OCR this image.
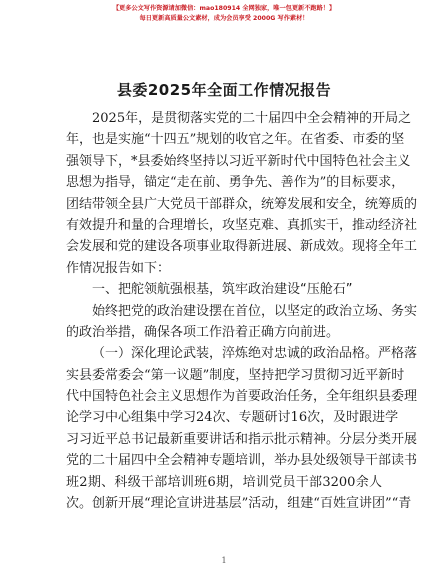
【更多公文写作资源请加微信：mao180914 全网独家，唯一包更新不跑路！】
每日更新高质量公文素材，成为会员享受 2000G 写作素材！
县委2025年全面工作情况报告
2025年，是贯彻落实党的二十届四中全会精神的开局之
年，也是实施“十四五”规划的收官之年。在省委、市委的坚
强领导下，*县委始终坚持以习近平新时代中国特色社会主义
思想为指导，锚定“走在前、勇争先、善作为”的目标要求，
团结带领全县广大党员干部群众，统筹发展和安全，统筹质的
有效提升和量的合理增长，攻坚克难、真抓实干，推动经济社
会发展和党的建设各项事业取得新进展、新成效。现将全年工
作情况报告如下：
一、把舵领航强根基，筑牢政治建设“压舱石”
始终把党的政治建设摆在首位，以坚定的政治立场、务实
的政治举措，确保各项工作沿着正确方向前进。
（一）深化理论武装，淬炼绝对忠诚的政治品格。严格落
实县委常委会“第一议题”制度，坚持把学习贯彻习近平新时
代中国特色社会主义思想作为首要政治任务，全年组织县委理
论学习中心组集中学习24次、专题研讨16次，及时跟进学
习习近平总书记最新重要讲话和指示批示精神。分层分类开展
党的二十届四中全会精神专题培训，举办县处级领导干部读书
班2期、科级干部培训班6期，培训党员干部3200余人
次。创新开展“理论宣讲进基层”活动，组建“百姓宣讲团”“青
1
